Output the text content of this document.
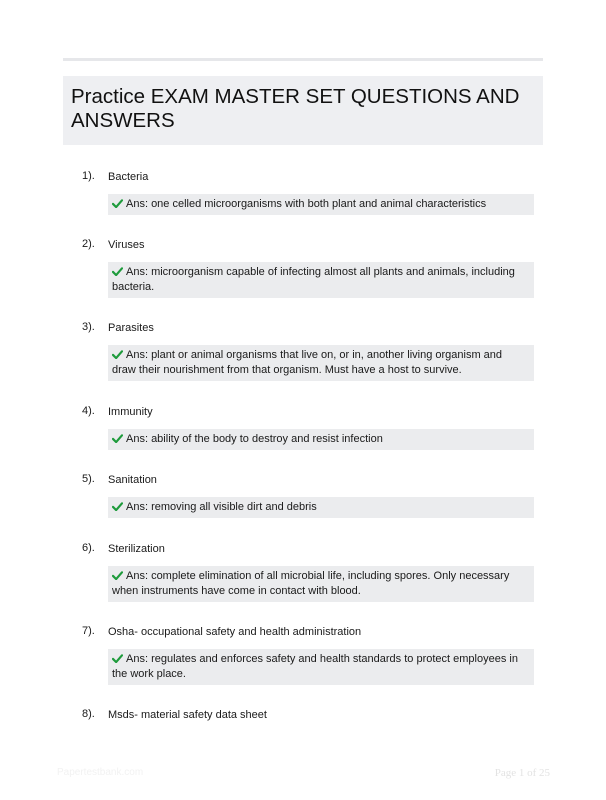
Practice EXAM MASTER SET QUESTIONS AND ANSWERS
1). Bacteria
Ans: one celled microorganisms with both plant and animal characteristics
2). Viruses
Ans: microorganism capable of infecting almost all plants and animals, including bacteria.
3). Parasites
Ans: plant or animal organisms that live on, or in, another living organism and draw their nourishment from that organism. Must have a host to survive.
4). Immunity
Ans: ability of the body to destroy and resist infection
5). Sanitation
Ans: removing all visible dirt and debris
6). Sterilization
Ans: complete elimination of all microbial life, including spores. Only necessary when instruments have come in contact with blood.
7). Osha- occupational safety and health administration
Ans: regulates and enforces safety and health standards to protect employees in the work place.
8). Msds- material safety data sheet
Papertestbank.com	Page 1 of 25
